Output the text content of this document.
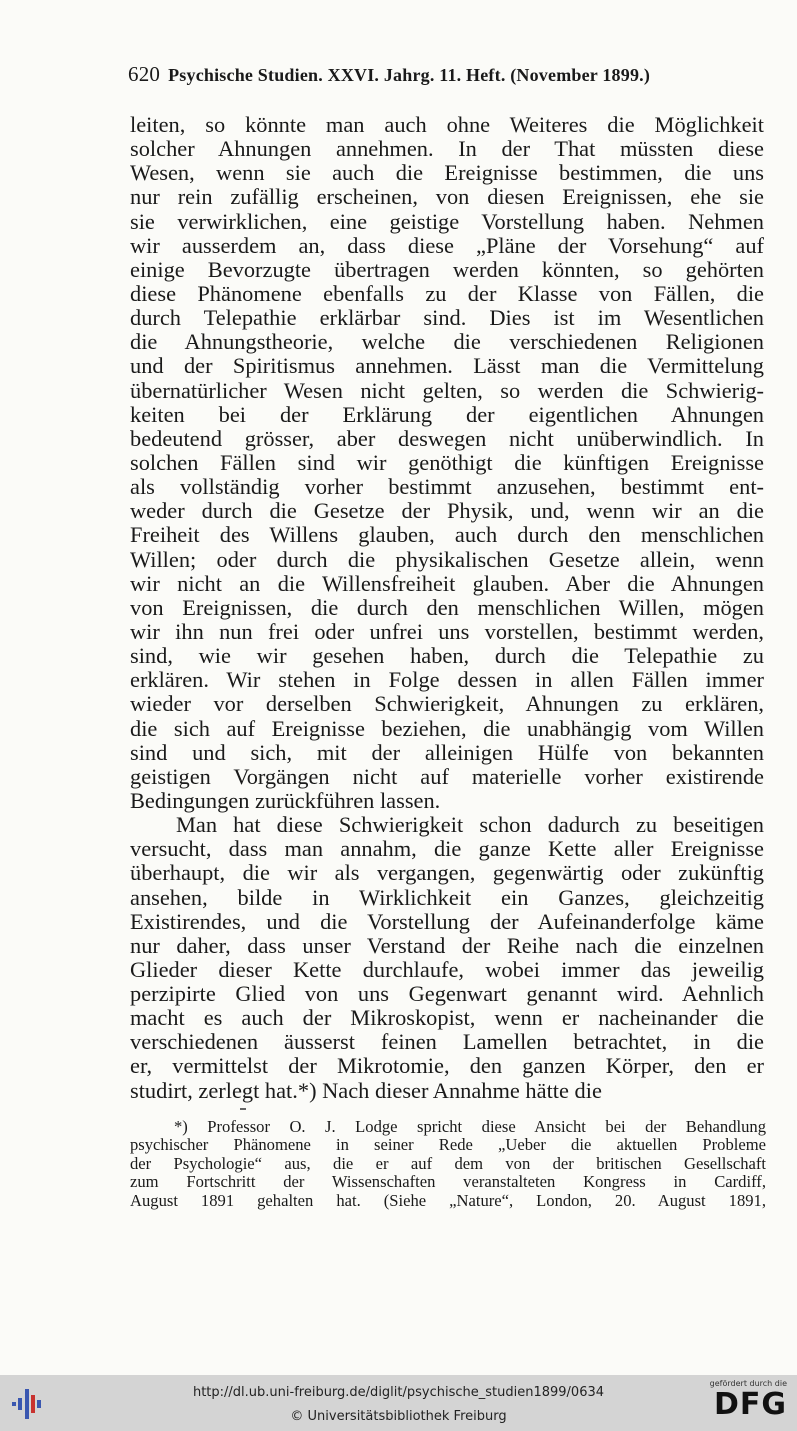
620 Psychische Studien. XXVI. Jahrg. 11. Heft. (November 1899.)
leiten, so könnte man auch ohne Weiteres die Möglichkeit
solcher Ahnungen annehmen. In der That müssten diese
Wesen, wenn sie auch die Ereignisse bestimmen, die uns
nur rein zufällig erscheinen, von diesen Ereignissen, ehe sie
sie verwirklichen, eine geistige Vorstellung haben. Nehmen
wir ausserdem an, dass diese „Pläne der Vorsehung“ auf
einige Bevorzugte übertragen werden könnten, so gehörten
diese Phänomene ebenfalls zu der Klasse von Fällen, die
durch Telepathie erklärbar sind. Dies ist im Wesentlichen
die Ahnungstheorie, welche die verschiedenen Religionen
und der Spiritismus annehmen. Lässt man die Vermittelung
übernatürlicher Wesen nicht gelten, so werden die Schwierig-
keiten bei der Erklärung der eigentlichen Ahnungen
bedeutend grösser, aber deswegen nicht unüberwindlich. In
solchen Fällen sind wir genöthigt die künftigen Ereignisse
als vollständig vorher bestimmt anzusehen, bestimmt ent-
weder durch die Gesetze der Physik, und, wenn wir an die
Freiheit des Willens glauben, auch durch den menschlichen
Willen; oder durch die physikalischen Gesetze allein, wenn
wir nicht an die Willensfreiheit glauben. Aber die Ahnungen
von Ereignissen, die durch den menschlichen Willen, mögen
wir ihn nun frei oder unfrei uns vorstellen, bestimmt werden,
sind, wie wir gesehen haben, durch die Telepathie zu
erklären. Wir stehen in Folge dessen in allen Fällen immer
wieder vor derselben Schwierigkeit, Ahnungen zu erklären,
die sich auf Ereignisse beziehen, die unabhängig vom Willen
sind und sich, mit der alleinigen Hülfe von bekannten
geistigen Vorgängen nicht auf materielle vorher existirende
Bedingungen zurückführen lassen.
Man hat diese Schwierigkeit schon dadurch zu beseitigen
versucht, dass man annahm, die ganze Kette aller Ereignisse
überhaupt, die wir als vergangen, gegenwärtig oder zukünftig
ansehen, bilde in Wirklichkeit ein Ganzes, gleichzeitig
Existirendes, und die Vorstellung der Aufeinanderfolge käme
nur daher, dass unser Verstand der Reihe nach die einzelnen
Glieder dieser Kette durchlaufe, wobei immer das jeweilig
perzipirte Glied von uns Gegenwart genannt wird. Aehnlich
macht es auch der Mikroskopist, wenn er nacheinander die
verschiedenen äusserst feinen Lamellen betrachtet, in die
er, vermittelst der Mikrotomie, den ganzen Körper, den er
studirt, zerlegt hat.*) Nach dieser Annahme hätte die
*) Professor O. J. Lodge spricht diese Ansicht bei der Behandlung
psychischer Phänomene in seiner Rede „Ueber die aktuellen Probleme
der Psychologie“ aus, die er auf dem von der britischen Gesellschaft
zum Fortschritt der Wissenschaften veranstalteten Kongress in Cardiff,
August 1891 gehalten hat. (Siehe „Nature“, London, 20. August 1891,
http://dl.ub.uni-freiburg.de/diglit/psychische_studien1899/0634
© Universitätsbibliothek Freiburg
gefördert durch die
DFG
